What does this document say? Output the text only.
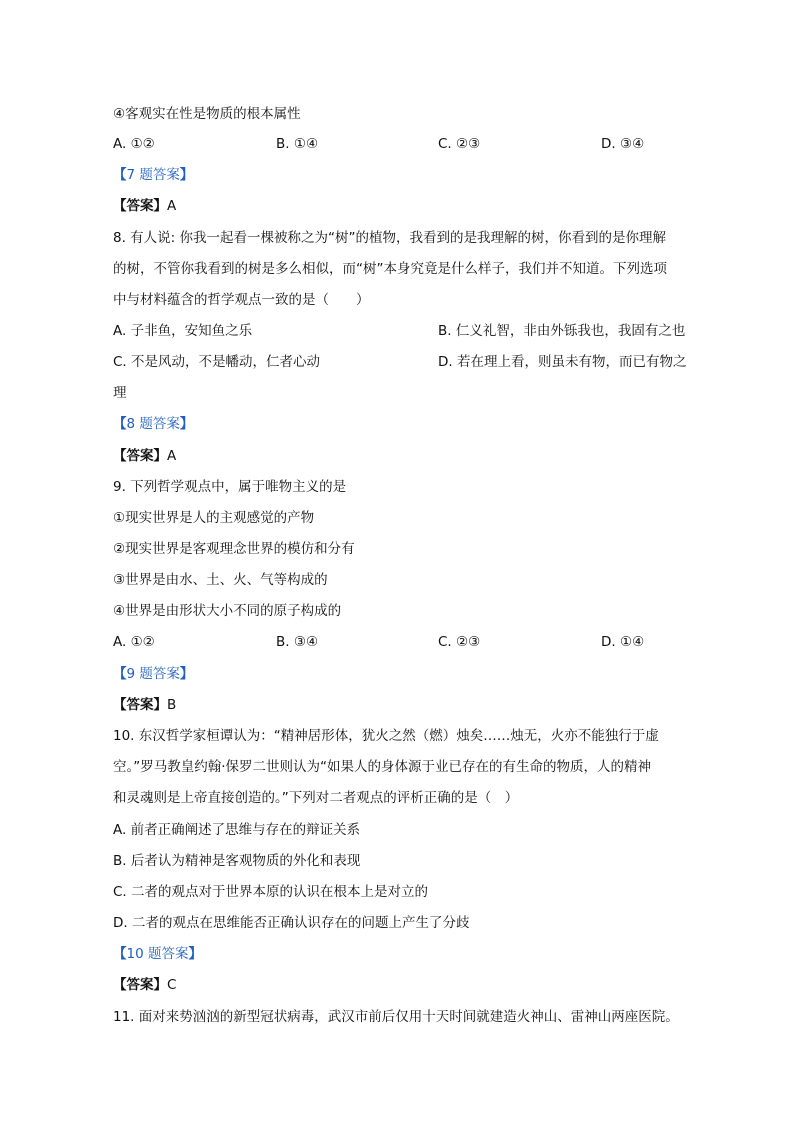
④客观实在性是物质的根本属性
A. ①②	B. ①④	C. ②③	D. ③④
【7 题答案】
【答案】A
8. 有人说: 你我一起看一棵被称之为“树”的植物，我看到的是我理解的树，你看到的是你理解
的树，不管你我看到的树是多么相似，而“树”本身究竟是什么样子，我们并不知道。下列选项
中与材料蕴含的哲学观点一致的是（　　）
A. 子非鱼，安知鱼之乐	B. 仁义礼智，非由外铄我也，我固有之也
C. 不是风动，不是幡动，仁者心动	D. 若在理上看，则虽未有物，而已有物之
理
【8 题答案】
【答案】A
9. 下列哲学观点中，属于唯物主义的是
①现实世界是人的主观感觉的产物
②现实世界是客观理念世界的模仿和分有
③世界是由水、土、火、气等构成的
④世界是由形状大小不同的原子构成的
A. ①②	B. ③④	C. ②③	D. ①④
【9 题答案】
【答案】B
10. 东汉哲学家桓谭认为：“精神居形体，犹火之然（燃）烛矣……烛无，火亦不能独行于虚
空。”罗马教皇约翰·保罗二世则认为“如果人的身体源于业已存在的有生命的物质，人的精神
和灵魂则是上帝直接创造的。”下列对二者观点的评析正确的是（　）
A. 前者正确阐述了思维与存在的辩证关系
B. 后者认为精神是客观物质的外化和表现
C. 二者的观点对于世界本原的认识在根本上是对立的
D. 二者的观点在思维能否正确认识存在的问题上产生了分歧
【10 题答案】
【答案】C
11. 面对来势汹汹的新型冠状病毒，武汉市前后仅用十天时间就建造火神山、雷神山两座医院。
